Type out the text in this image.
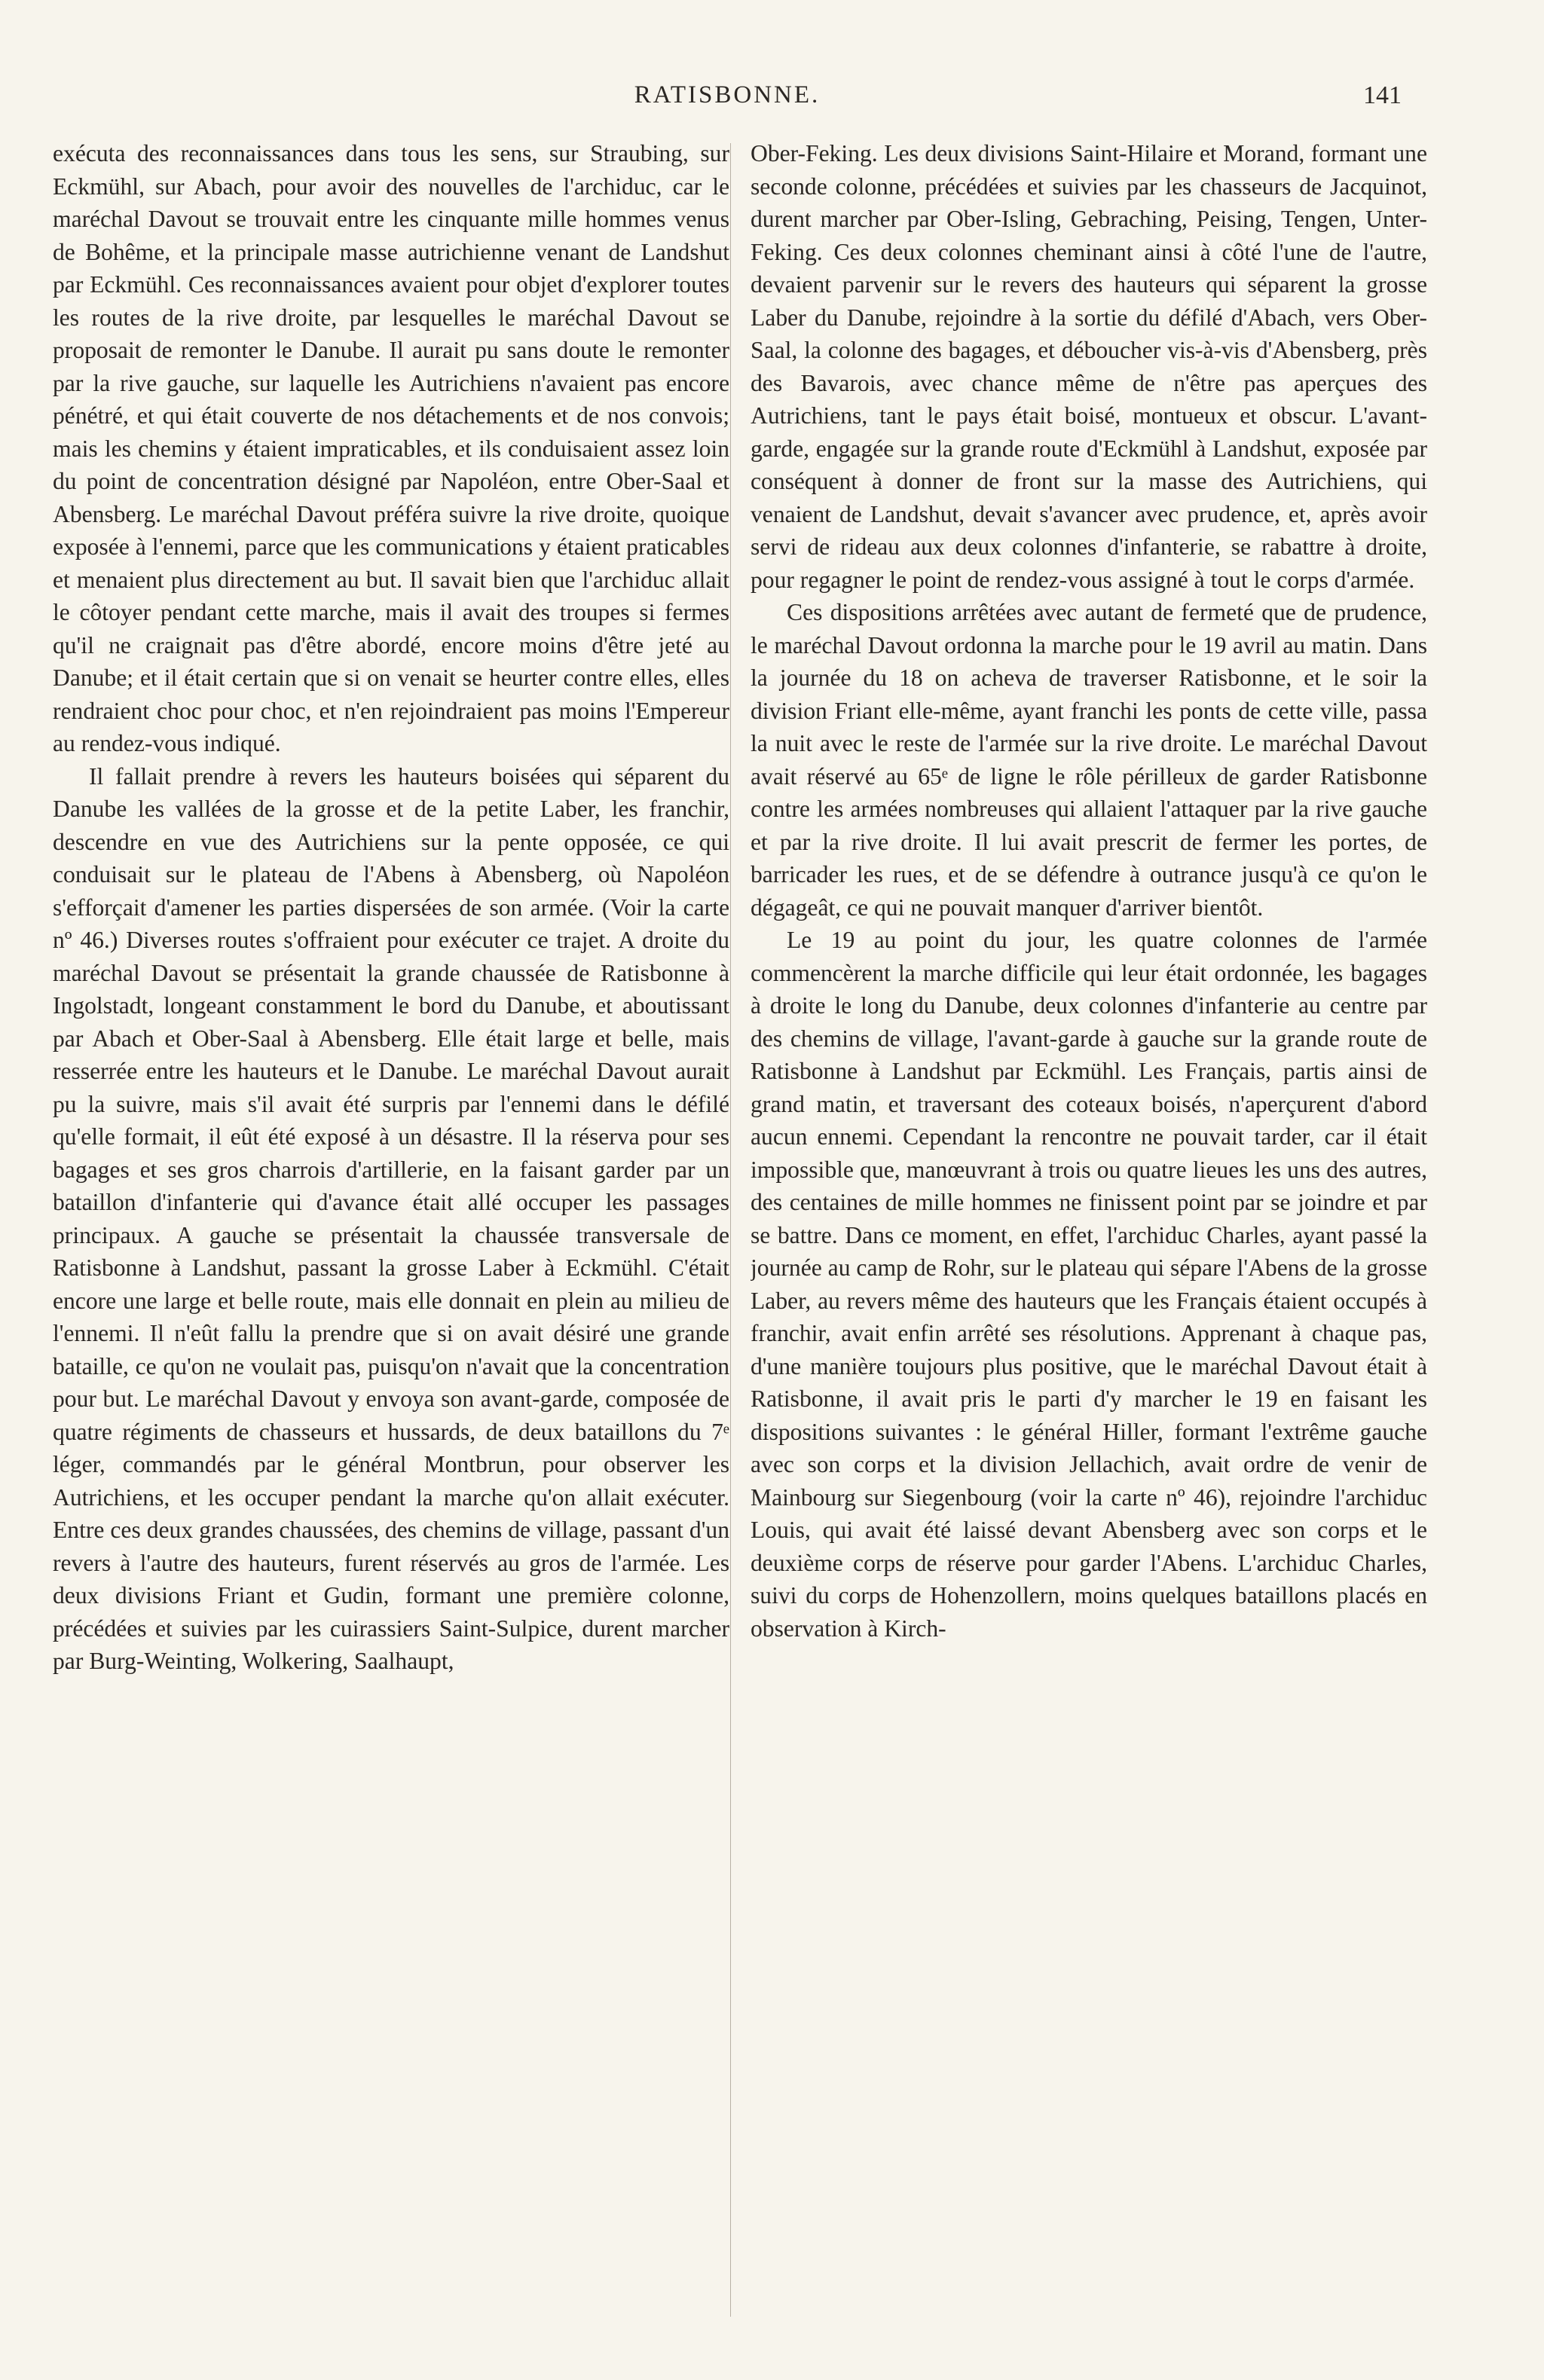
RATISBONNE.	141

exécuta des reconnaissances dans tous les sens, sur Straubing, sur Eckmühl, sur Abach, pour avoir des nouvelles de l'archiduc, car le maréchal Davout se trouvait entre les cinquante mille hommes venus de Bohême, et la principale masse autrichienne venant de Landshut par Eckmühl. Ces reconnaissances avaient pour objet d'explorer toutes les routes de la rive droite, par lesquelles le maréchal Davout se proposait de remonter le Danube. Il aurait pu sans doute le remonter par la rive gauche, sur laquelle les Autrichiens n'avaient pas encore pénétré, et qui était couverte de nos détachements et de nos convois; mais les chemins y étaient impraticables, et ils conduisaient assez loin du point de concentration désigné par Napoléon, entre Ober-Saal et Abensberg. Le maréchal Davout préféra suivre la rive droite, quoique exposée à l'ennemi, parce que les communications y étaient praticables et menaient plus directement au but. Il savait bien que l'archiduc allait le côtoyer pendant cette marche, mais il avait des troupes si fermes qu'il ne craignait pas d'être abordé, encore moins d'être jeté au Danube; et il était certain que si on venait se heurter contre elles, elles rendraient choc pour choc, et n'en rejoindraient pas moins l'Empereur au rendez-vous indiqué.

Il fallait prendre à revers les hauteurs boisées qui séparent du Danube les vallées de la grosse et de la petite Laber, les franchir, descendre en vue des Autrichiens sur la pente opposée, ce qui conduisait sur le plateau de l'Abens à Abensberg, où Napoléon s'efforçait d'amener les parties dispersées de son armée. (Voir la carte nº 46.) Diverses routes s'offraient pour exécuter ce trajet. A droite du maréchal Davout se présentait la grande chaussée de Ratisbonne à Ingolstadt, longeant constamment le bord du Danube, et aboutissant par Abach et Ober-Saal à Abensberg. Elle était large et belle, mais resserrée entre les hauteurs et le Danube. Le maréchal Davout aurait pu la suivre, mais s'il avait été surpris par l'ennemi dans le défilé qu'elle formait, il eût été exposé à un désastre. Il la réserva pour ses bagages et ses gros charrois d'artillerie, en la faisant garder par un bataillon d'infanterie qui d'avance était allé occuper les passages principaux. A gauche se présentait la chaussée transversale de Ratisbonne à Landshut, passant la grosse Laber à Eckmühl. C'était encore une large et belle route, mais elle donnait en plein au milieu de l'ennemi. Il n'eût fallu la prendre que si on avait désiré une grande bataille, ce qu'on ne voulait pas, puisqu'on n'avait que la concentration pour but. Le maréchal Davout y envoya son avant-garde, composée de quatre régiments de chasseurs et hussards, de deux bataillons du 7ᵉ léger, commandés par le général Montbrun, pour observer les Autrichiens, et les occuper pendant la marche qu'on allait exécuter. Entre ces deux grandes chaussées, des chemins de village, passant d'un revers à l'autre des hauteurs, furent réservés au gros de l'armée. Les deux divisions Friant et Gudin, formant une première colonne, précédées et suivies par les cuirassiers Saint-Sulpice, durent marcher par Burg-Weinting, Wolkering, Saalhaupt,

Ober-Feking. Les deux divisions Saint-Hilaire et Morand, formant une seconde colonne, précédées et suivies par les chasseurs de Jacquinot, durent marcher par Ober-Isling, Gebraching, Peising, Tengen, Unter-Feking. Ces deux colonnes cheminant ainsi à côté l'une de l'autre, devaient parvenir sur le revers des hauteurs qui séparent la grosse Laber du Danube, rejoindre à la sortie du défilé d'Abach, vers Ober-Saal, la colonne des bagages, et déboucher vis-à-vis d'Abensberg, près des Bavarois, avec chance même de n'être pas aperçues des Autrichiens, tant le pays était boisé, montueux et obscur. L'avant-garde, engagée sur la grande route d'Eckmühl à Landshut, exposée par conséquent à donner de front sur la masse des Autrichiens, qui venaient de Landshut, devait s'avancer avec prudence, et, après avoir servi de rideau aux deux colonnes d'infanterie, se rabattre à droite, pour regagner le point de rendez-vous assigné à tout le corps d'armée.

Ces dispositions arrêtées avec autant de fermeté que de prudence, le maréchal Davout ordonna la marche pour le 19 avril au matin. Dans la journée du 18 on acheva de traverser Ratisbonne, et le soir la division Friant elle-même, ayant franchi les ponts de cette ville, passa la nuit avec le reste de l'armée sur la rive droite. Le maréchal Davout avait réservé au 65ᵉ de ligne le rôle périlleux de garder Ratisbonne contre les armées nombreuses qui allaient l'attaquer par la rive gauche et par la rive droite. Il lui avait prescrit de fermer les portes, de barricader les rues, et de se défendre à outrance jusqu'à ce qu'on le dégageât, ce qui ne pouvait manquer d'arriver bientôt.

Le 19 au point du jour, les quatre colonnes de l'armée commencèrent la marche difficile qui leur était ordonnée, les bagages à droite le long du Danube, deux colonnes d'infanterie au centre par des chemins de village, l'avant-garde à gauche sur la grande route de Ratisbonne à Landshut par Eckmühl. Les Français, partis ainsi de grand matin, et traversant des coteaux boisés, n'aperçurent d'abord aucun ennemi. Cependant la rencontre ne pouvait tarder, car il était impossible que, manœuvrant à trois ou quatre lieues les uns des autres, des centaines de mille hommes ne finissent point par se joindre et par se battre. Dans ce moment, en effet, l'archiduc Charles, ayant passé la journée au camp de Rohr, sur le plateau qui sépare l'Abens de la grosse Laber, au revers même des hauteurs que les Français étaient occupés à franchir, avait enfin arrêté ses résolutions. Apprenant à chaque pas, d'une manière toujours plus positive, que le maréchal Davout était à Ratisbonne, il avait pris le parti d'y marcher le 19 en faisant les dispositions suivantes : le général Hiller, formant l'extrême gauche avec son corps et la division Jellachich, avait ordre de venir de Mainbourg sur Siegenbourg (voir la carte nº 46), rejoindre l'archiduc Louis, qui avait été laissé devant Abensberg avec son corps et le deuxième corps de réserve pour garder l'Abens. L'archiduc Charles, suivi du corps de Hohenzollern, moins quelques bataillons placés en observation à Kirch-
